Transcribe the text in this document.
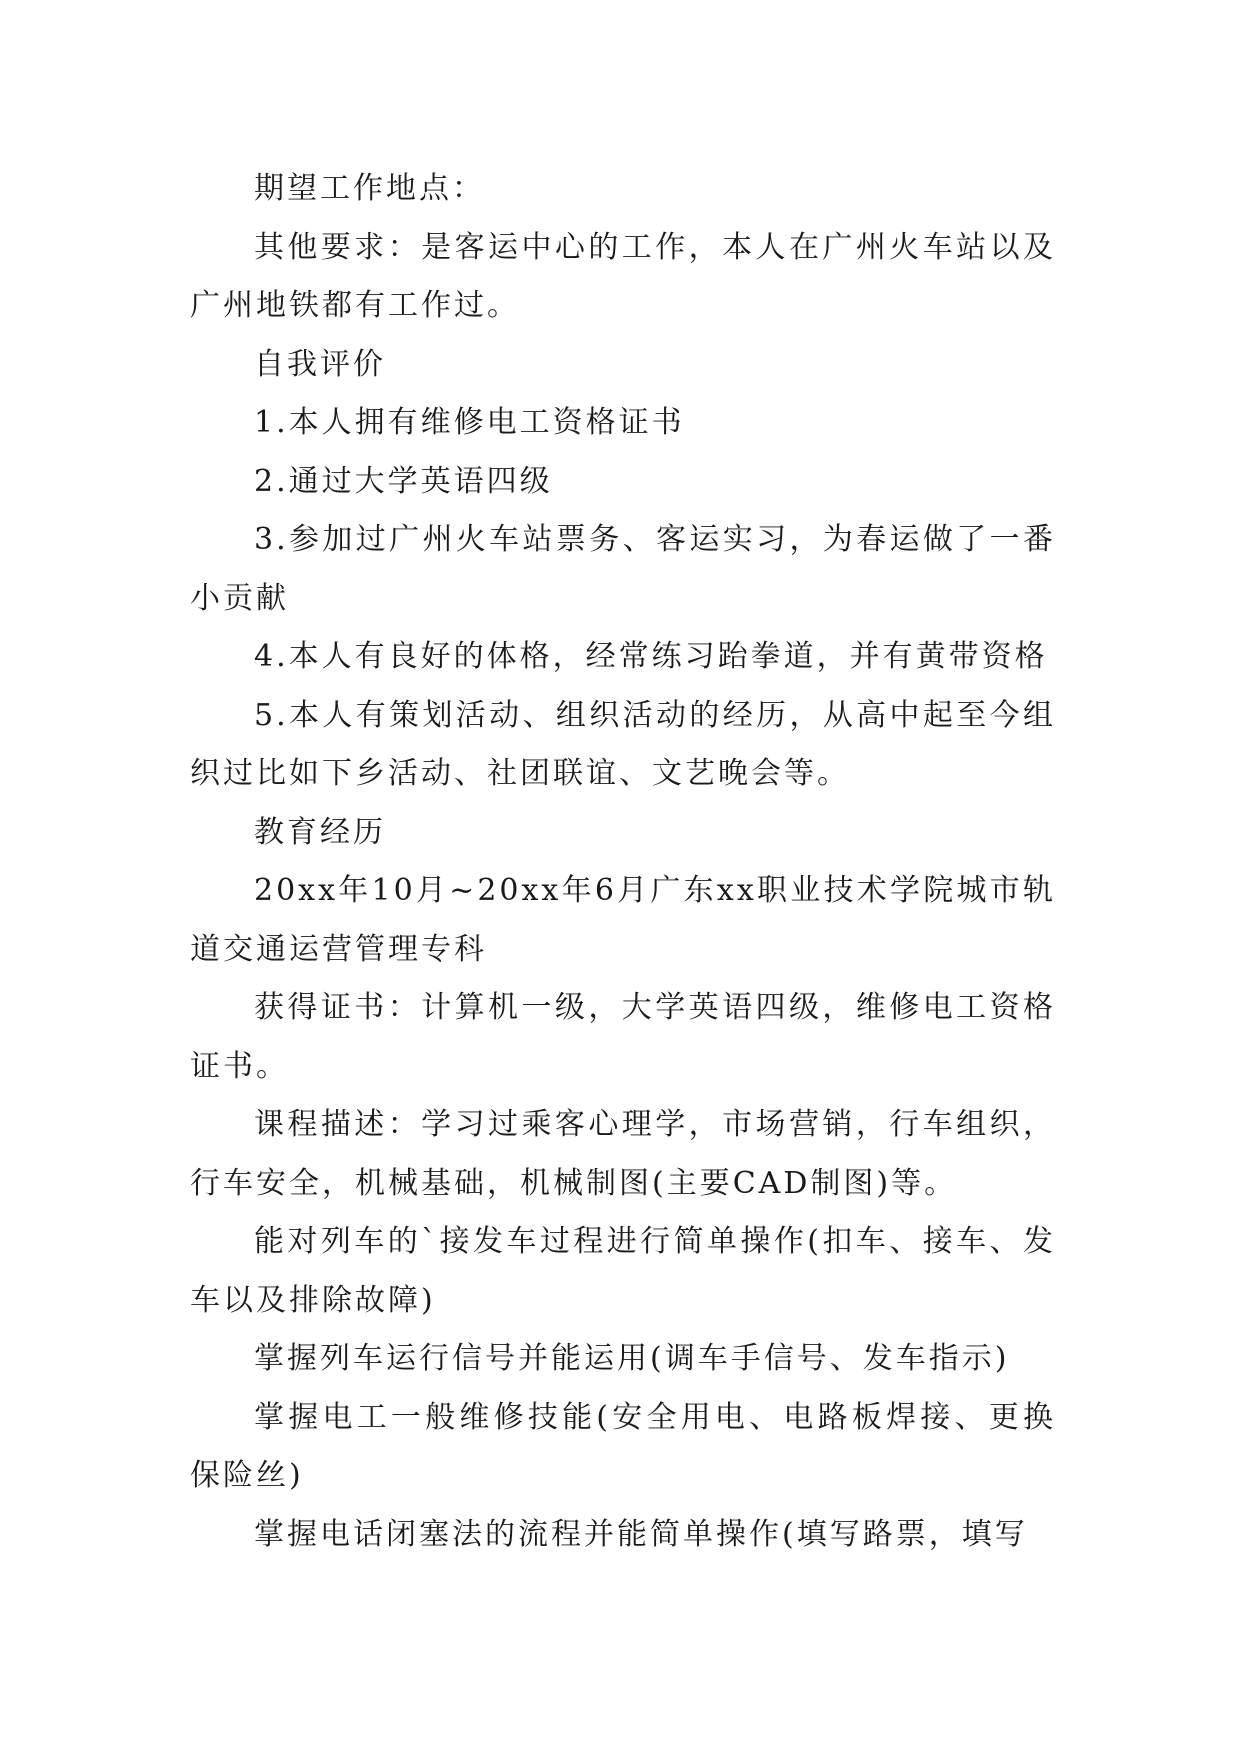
期望工作地点：

其他要求：是客运中心的工作，本人在广州火车站以及广州地铁都有工作过。

自我评价

1.本人拥有维修电工资格证书

2.通过大学英语四级

3.参加过广州火车站票务、客运实习，为春运做了一番小贡献

4.本人有良好的体格，经常练习跆拳道，并有黄带资格

5.本人有策划活动、组织活动的经历，从高中起至今组织过比如下乡活动、社团联谊、文艺晚会等。

教育经历

20xx年10月~20xx年6月广东xx职业技术学院城市轨道交通运营管理专科

获得证书：计算机一级，大学英语四级，维修电工资格证书。

课程描述：学习过乘客心理学，市场营销，行车组织，行车安全，机械基础，机械制图(主要CAD制图)等。

能对列车的`接发车过程进行简单操作(扣车、接车、发车以及排除故障)

掌握列车运行信号并能运用(调车手信号、发车指示)

掌握电工一般维修技能(安全用电、电路板焊接、更换保险丝)

掌握电话闭塞法的流程并能简单操作(填写路票，填写
